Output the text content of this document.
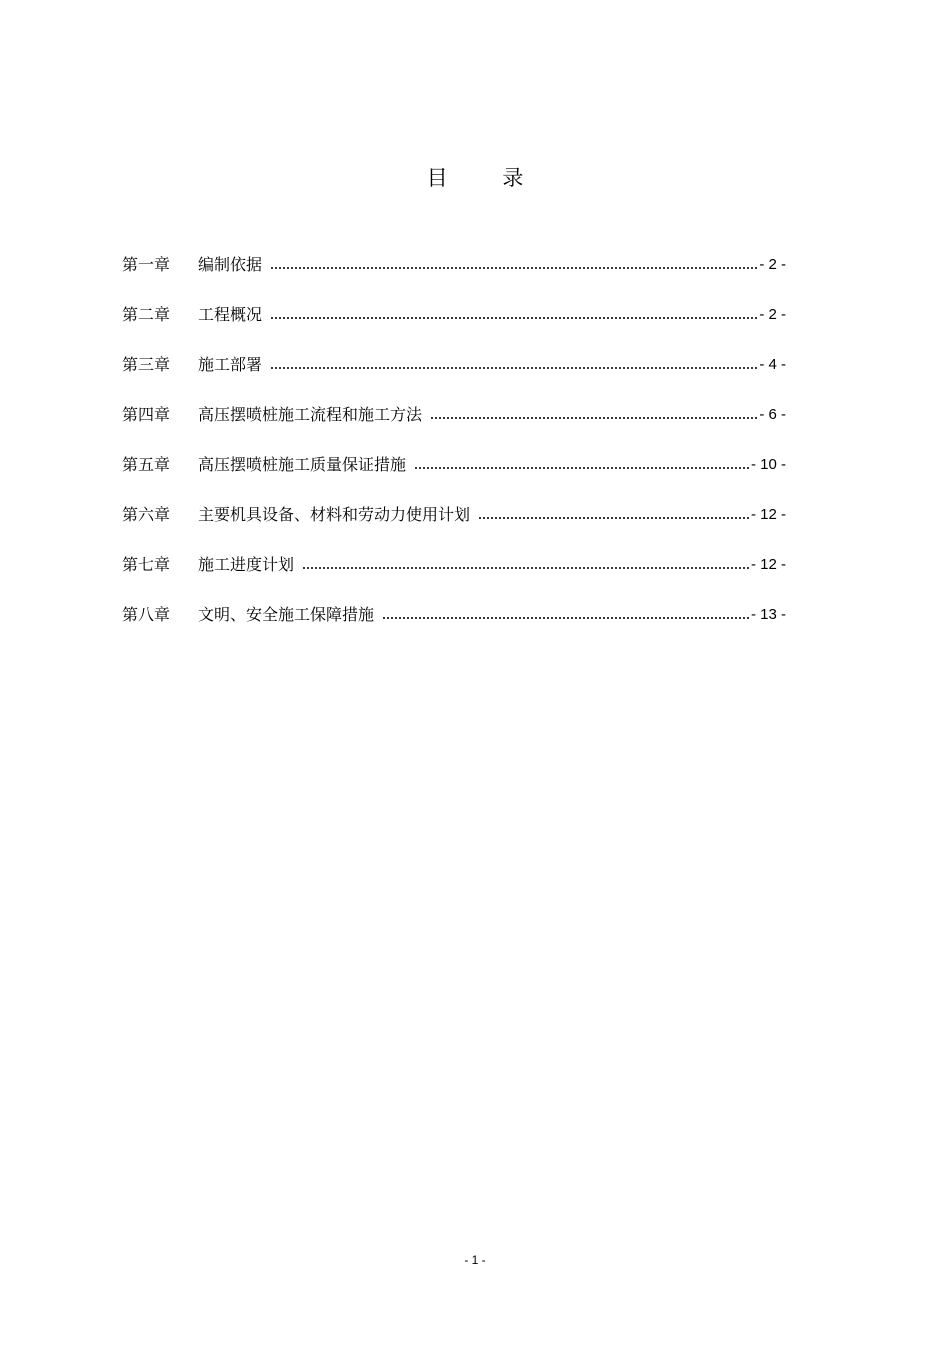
目 录
第一章	编制依据	- 2 -
第二章	工程概况	- 2 -
第三章	施工部署	- 4 -
第四章	高压摆喷桩施工流程和施工方法	- 6 -
第五章	高压摆喷桩施工质量保证措施	- 10 -
第六章	主要机具设备、材料和劳动力使用计划	- 12 -
第七章	施工进度计划	- 12 -
第八章	文明、安全施工保障措施	- 13 -
- 1 -
